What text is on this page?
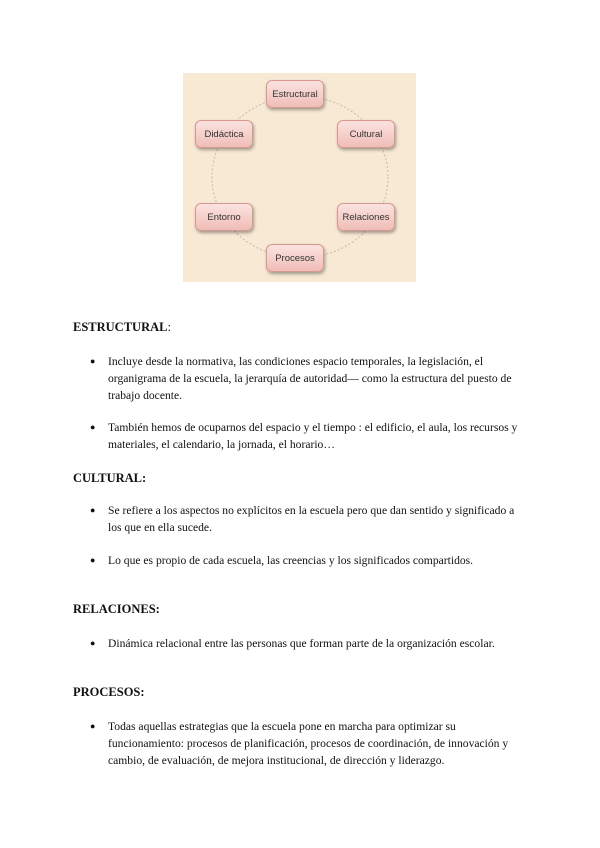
Estructural
Cultural
Relaciones
Procesos
Entorno
Didáctica
ESTRUCTURAL:
●	Incluye desde la normativa, las condiciones espacio temporales, la legislación, el organigrama de la escuela, la jerarquía de autoridad— como la estructura del puesto de trabajo docente.
●	También hemos de ocuparnos del espacio y el tiempo : el edificio, el aula, los recursos y materiales, el calendario, la jornada, el horario…
CULTURAL:
●	Se refiere a los aspectos no explícitos en la escuela pero que dan sentido y significado a los que en ella sucede.
●	Lo que es propio de cada escuela, las creencias y los significados compartidos.
RELACIONES:
●	Dinámica relacional entre las personas que forman parte de la organización escolar.
PROCESOS:
●	Todas aquellas estrategias que la escuela pone en marcha para optimizar su funcionamiento: procesos de planificación, procesos de coordinación, de innovación y cambio, de evaluación, de mejora institucional, de dirección y liderazgo.
